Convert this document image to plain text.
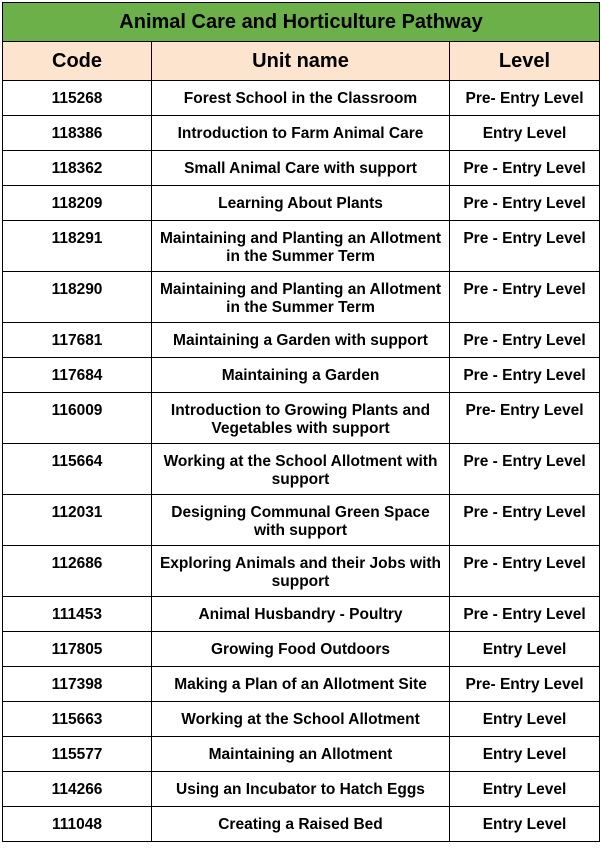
Animal Care and Horticulture Pathway		
Code	Unit name	Level
115268	Forest School in the Classroom	Pre- Entry Level
118386	Introduction to Farm Animal Care	Entry Level
118362	Small Animal Care with support	Pre - Entry Level
118209	Learning About Plants	Pre - Entry Level
118291	Maintaining and Planting an Allotment in the Summer Term	Pre - Entry Level
118290	Maintaining and Planting an Allotment in the Summer Term	Pre - Entry Level
117681	Maintaining a Garden with support	Pre - Entry Level
117684	Maintaining a Garden	Pre - Entry Level
116009	Introduction to Growing Plants and Vegetables with support	Pre- Entry Level
115664	Working at the School Allotment with support	Pre - Entry Level
112031	Designing Communal Green Space with support	Pre - Entry Level
112686	Exploring Animals and their Jobs with support	Pre - Entry Level
111453	Animal Husbandry - Poultry	Pre - Entry Level
117805	Growing Food Outdoors	Entry Level
117398	Making a Plan of an Allotment Site	Pre- Entry Level
115663	Working at the School Allotment	Entry Level
115577	Maintaining an Allotment	Entry Level
114266	Using an Incubator to Hatch Eggs	Entry Level
111048	Creating a Raised Bed	Entry Level
